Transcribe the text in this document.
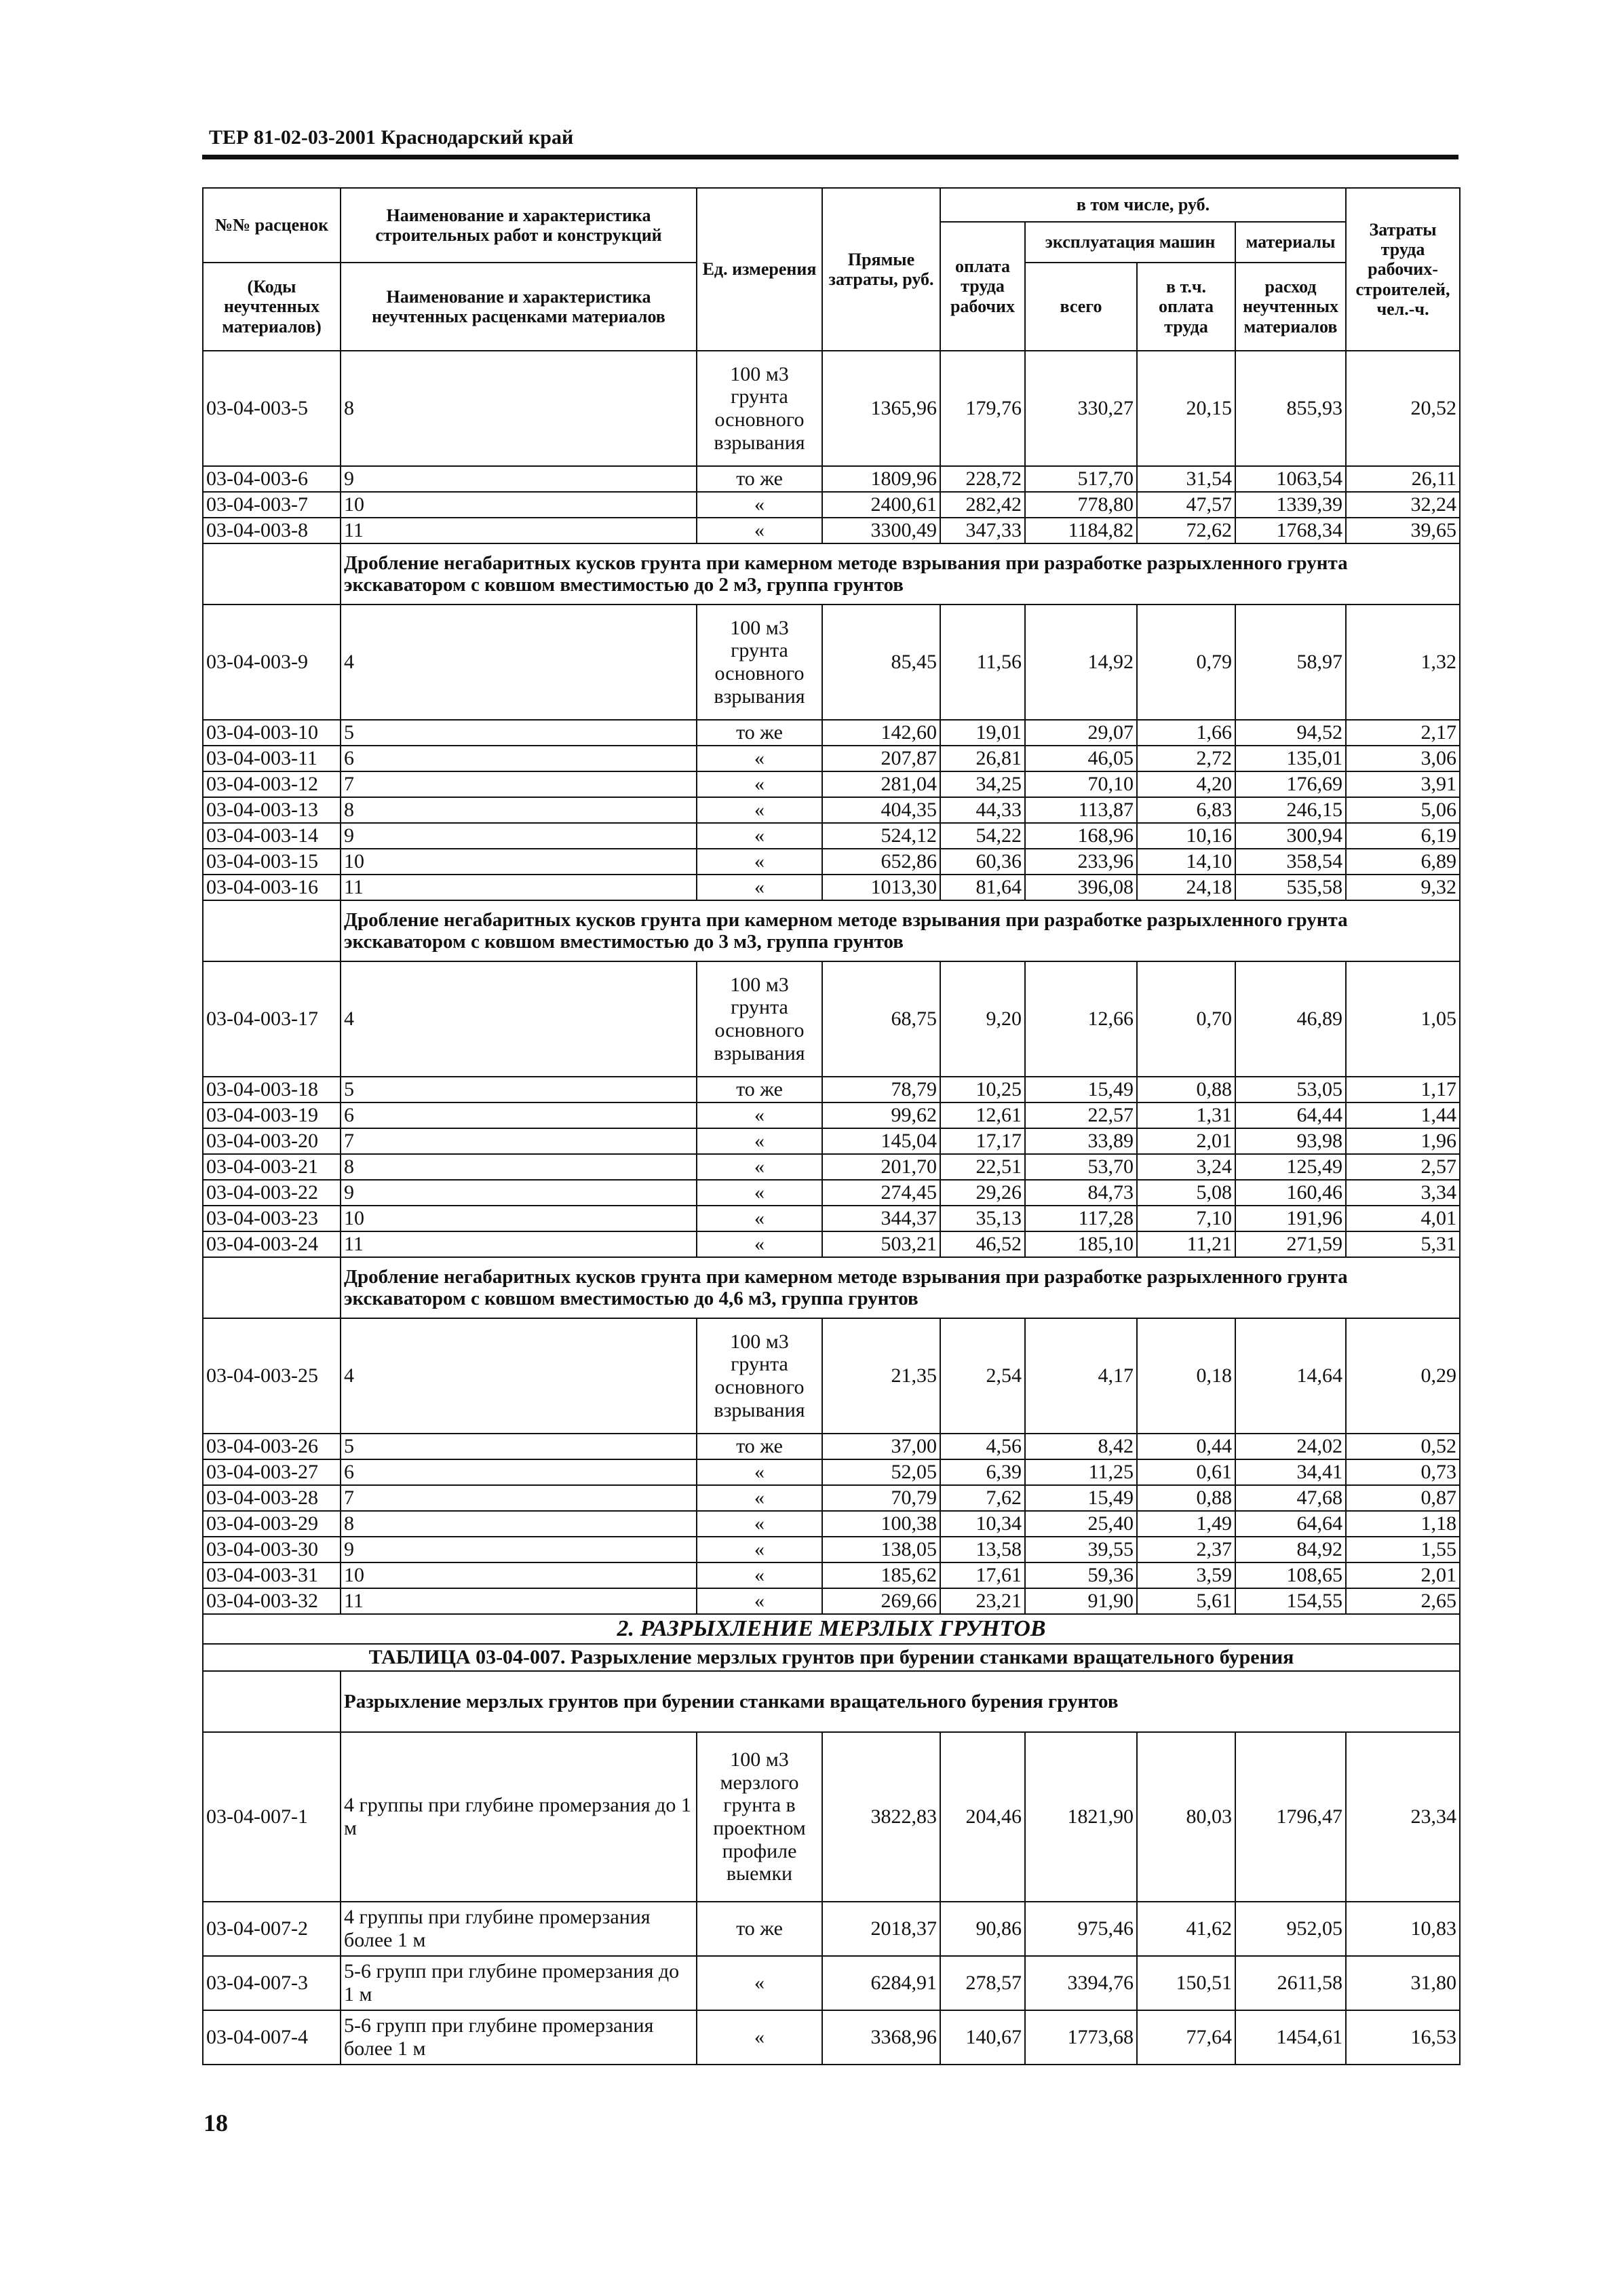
ТЕР 81-02-03-2001 Краснодарский край
№№ расценок	Наименование и характеристика строительных работ и конструкций	Ед. измерения	Прямые затраты, руб.	в том числе, руб.				Затраты труда рабочих-строителей, чел.-ч.
				оплата труда рабочих	эксплуатация машин		материалы	

(Коды неучтенных материалов)	Наименование и характеристика неучтенных расценками материалов				всего	в т.ч. оплата труда	расход неучтенных материалов	

03-04-003-5	8	100 м3 грунта основного взрывания	1365,96	179,76	330,27	20,15	855,93	20,52
03-04-003-6	9	то же	1809,96	228,72	517,70	31,54	1063,54	26,11
03-04-003-7	10	«	2400,61	282,42	778,80	47,57	1339,39	32,24
03-04-003-8	11	«	3300,49	347,33	1184,82	72,62	1768,34	39,65
	Дробление негабаритных кусков грунта при камерном методе взрывания при разработке разрыхленного грунта экскаватором с ковшом вместимостью до 2 м3, группа грунтов							
03-04-003-9	4	100 м3 грунта основного взрывания	85,45	11,56	14,92	0,79	58,97	1,32
03-04-003-10	5	то же	142,60	19,01	29,07	1,66	94,52	2,17
03-04-003-11	6	«	207,87	26,81	46,05	2,72	135,01	3,06
03-04-003-12	7	«	281,04	34,25	70,10	4,20	176,69	3,91
03-04-003-13	8	«	404,35	44,33	113,87	6,83	246,15	5,06
03-04-003-14	9	«	524,12	54,22	168,96	10,16	300,94	6,19
03-04-003-15	10	«	652,86	60,36	233,96	14,10	358,54	6,89
03-04-003-16	11	«	1013,30	81,64	396,08	24,18	535,58	9,32
	Дробление негабаритных кусков грунта при камерном методе взрывания при разработке разрыхленного грунта экскаватором с ковшом вместимостью до 3 м3, группа грунтов							
03-04-003-17	4	100 м3 грунта основного взрывания	68,75	9,20	12,66	0,70	46,89	1,05
03-04-003-18	5	то же	78,79	10,25	15,49	0,88	53,05	1,17
03-04-003-19	6	«	99,62	12,61	22,57	1,31	64,44	1,44
03-04-003-20	7	«	145,04	17,17	33,89	2,01	93,98	1,96
03-04-003-21	8	«	201,70	22,51	53,70	3,24	125,49	2,57
03-04-003-22	9	«	274,45	29,26	84,73	5,08	160,46	3,34
03-04-003-23	10	«	344,37	35,13	117,28	7,10	191,96	4,01
03-04-003-24	11	«	503,21	46,52	185,10	11,21	271,59	5,31
	Дробление негабаритных кусков грунта при камерном методе взрывания при разработке разрыхленного грунта экскаватором с ковшом вместимостью до 4,6 м3, группа грунтов							
03-04-003-25	4	100 м3 грунта основного взрывания	21,35	2,54	4,17	0,18	14,64	0,29
03-04-003-26	5	то же	37,00	4,56	8,42	0,44	24,02	0,52
03-04-003-27	6	«	52,05	6,39	11,25	0,61	34,41	0,73
03-04-003-28	7	«	70,79	7,62	15,49	0,88	47,68	0,87
03-04-003-29	8	«	100,38	10,34	25,40	1,49	64,64	1,18
03-04-003-30	9	«	138,05	13,58	39,55	2,37	84,92	1,55
03-04-003-31	10	«	185,62	17,61	59,36	3,59	108,65	2,01
03-04-003-32	11	«	269,66	23,21	91,90	5,61	154,55	2,65
2. РАЗРЫХЛЕНИЕ МЕРЗЛЫХ ГРУНТОВ								
ТАБЛИЦА 03-04-007. Разрыхление мерзлых грунтов при бурении станками вращательного бурения								
	Разрыхление мерзлых грунтов при бурении станками вращательного бурения грунтов							
03-04-007-1	4 группы при глубине промерзания до 1 м	100 м3 мерзлого грунта в проектном профиле выемки	3822,83	204,46	1821,90	80,03	1796,47	23,34
03-04-007-2	4 группы при глубине промерзания более 1 м	то же	2018,37	90,86	975,46	41,62	952,05	10,83
03-04-007-3	5-6 групп при глубине промерзания до 1 м	«	6284,91	278,57	3394,76	150,51	2611,58	31,80
03-04-007-4	5-6 групп при глубине промерзания более 1 м	«	3368,96	140,67	1773,68	77,64	1454,61	16,53
18
